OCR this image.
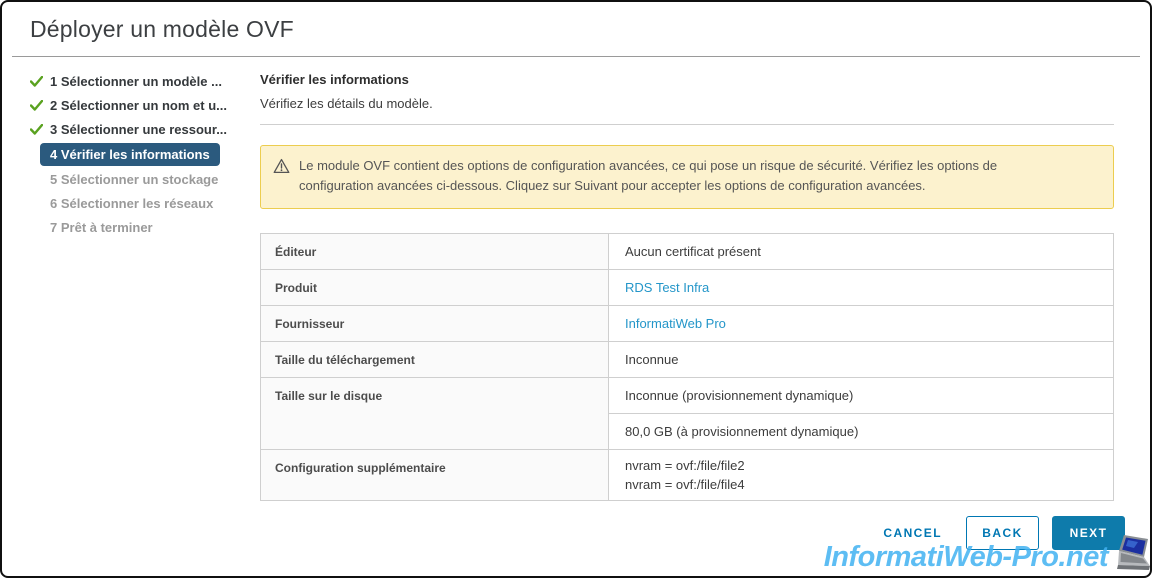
Déployer un modèle OVF
1 Sélectionner un modèle ...
2 Sélectionner un nom et u...
3 Sélectionner une ressour...
4 Vérifier les informations
5 Sélectionner un stockage
6 Sélectionner les réseaux
7 Prêt à terminer
Vérifier les informations
Vérifiez les détails du modèle.
Le module OVF contient des options de configuration avancées, ce qui pose un risque de sécurité. Vérifiez les options de configuration avancées ci-dessous. Cliquez sur Suivant pour accepter les options de configuration avancées.
Éditeur	Aucun certificat présent
Produit	RDS Test Infra
Fournisseur	InformatiWeb Pro
Taille du téléchargement	Inconnue
Taille sur le disque	Inconnue (provisionnement dynamique)
	80,0 GB (à provisionnement dynamique)
Configuration supplémentaire	nvram = ovf:/file/file2
nvram = ovf:/file/file4
CANCEL	BACK	NEXT
InformatiWeb-Pro.net
